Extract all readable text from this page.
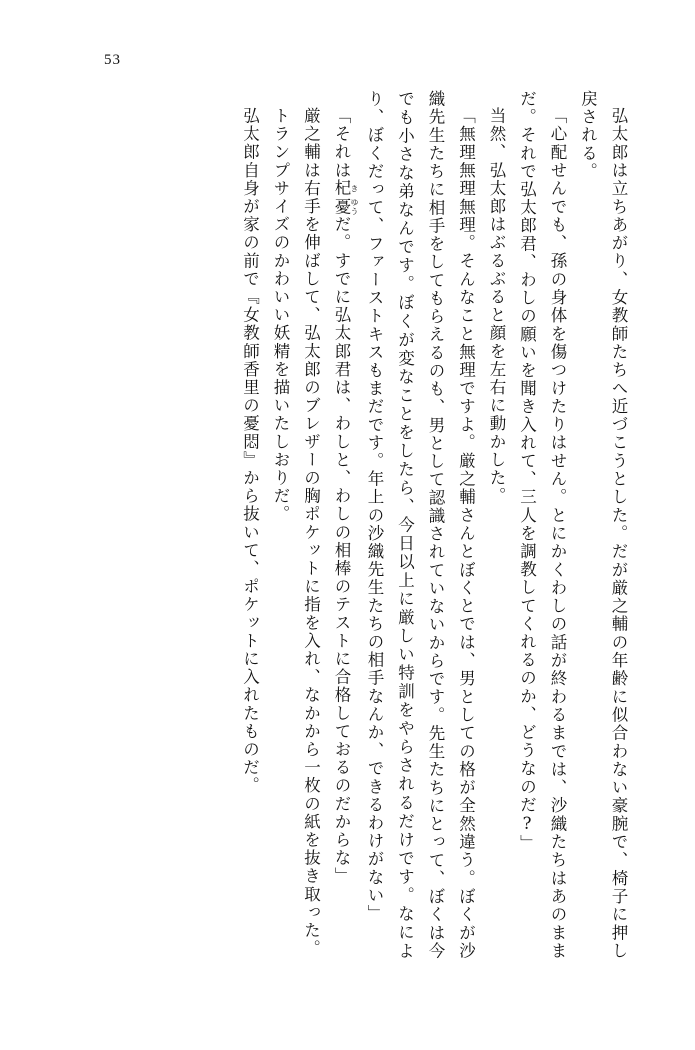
53

弘太郎は立ちあがり、女教師たちへ近づこうとした。だが厳之輔の年齢に似合わない豪腕で、椅子に押し戻される。

「心配せんでも、孫の身体を傷つけたりはせん。とにかくわしの話が終わるまでは、沙織たちはあのままだ。それで弘太郎君、わしの願いを聞き入れて、三人を調教してくれるのか、どうなのだ?」

当然、弘太郎はぶるぶると顔を左右に動かした。

「無理無理無理。そんなこと無理ですよ。厳之輔さんとぼくとでは、男としての格が全然違う。ぼくが沙織先生たちに相手をしてもらえるのも、男として認識されていないからです。先生たちにとって、ぼくは今でも小さな弟なんです。ぼくが変なことをしたら、今日以上に厳しい特訓をやらされるだけです。なにより、ぼくだって、ファーストキスもまだです。年上の沙織先生たちの相手なんか、できるわけがない」

「それは杞 き憂 ゆうだ。すでに弘太郎君は、わしと、わしの相棒のテストに合格しておるのだからな」

厳之輔は右手を伸ばして、弘太郎のブレザーの胸ポケットに指を入れ、なかから一枚の紙を抜き取った。

トランプサイズのかわいい妖精を描いたしおりだ。

弘太郎自身が家の前で『女教師香里の憂悶』から抜いて、ポケットに入れたものだ。
